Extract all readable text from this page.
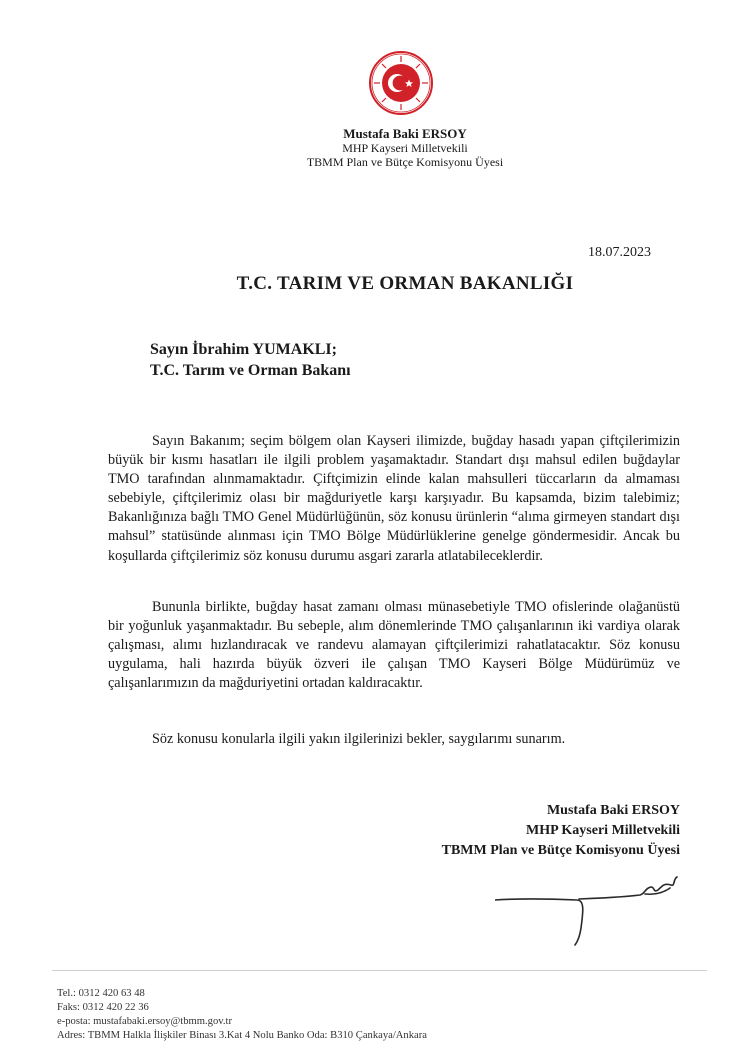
Mustafa Baki ERSOY
MHP Kayseri Milletvekili
TBMM Plan ve Bütçe Komisyonu Üyesi
18.07.2023
T.C. TARIM VE ORMAN BAKANLIĞI
Sayın İbrahim YUMAKLI;
T.C. Tarım ve Orman Bakanı
Sayın Bakanım; seçim bölgem olan Kayseri ilimizde, buğday hasadı yapan çiftçilerimizin büyük bir kısmı hasatları ile ilgili problem yaşamaktadır. Standart dışı mahsul edilen buğdaylar TMO tarafından alınmamaktadır. Çiftçimizin elinde kalan mahsulleri tüccarların da almaması sebebiyle, çiftçilerimiz olası bir mağduriyetle karşı karşıyadır. Bu kapsamda, bizim talebimiz; Bakanlığınıza bağlı TMO Genel Müdürlüğünün, söz konusu ürünlerin “alıma girmeyen standart dışı mahsul” statüsünde alınması için TMO Bölge Müdürlüklerine genelge göndermesidir. Ancak bu koşullarda çiftçilerimiz söz konusu durumu asgari zararla atlatabileceklerdir.
Bununla birlikte, buğday hasat zamanı olması münasebetiyle TMO ofislerinde olağanüstü bir yoğunluk yaşanmaktadır. Bu sebeple, alım dönemlerinde TMO çalışanlarının iki vardiya olarak çalışması, alımı hızlandıracak ve randevu alamayan çiftçilerimizi rahatlatacaktır. Söz konusu uygulama, hali hazırda büyük özveri ile çalışan TMO Kayseri Bölge Müdürümüz ve çalışanlarımızın da mağduriyetini ortadan kaldıracaktır.
Söz konusu konularla ilgili yakın ilgilerinizi bekler, saygılarımı sunarım.
Mustafa Baki ERSOY
MHP Kayseri Milletvekili
TBMM Plan ve Bütçe Komisyonu Üyesi
Tel.: 0312 420 63 48
Faks: 0312 420 22 36
e-posta: mustafabaki.ersoy@tbmm.gov.tr
Adres: TBMM Halkla İlişkiler Binası 3.Kat 4 Nolu Banko Oda: B310 Çankaya/Ankara
